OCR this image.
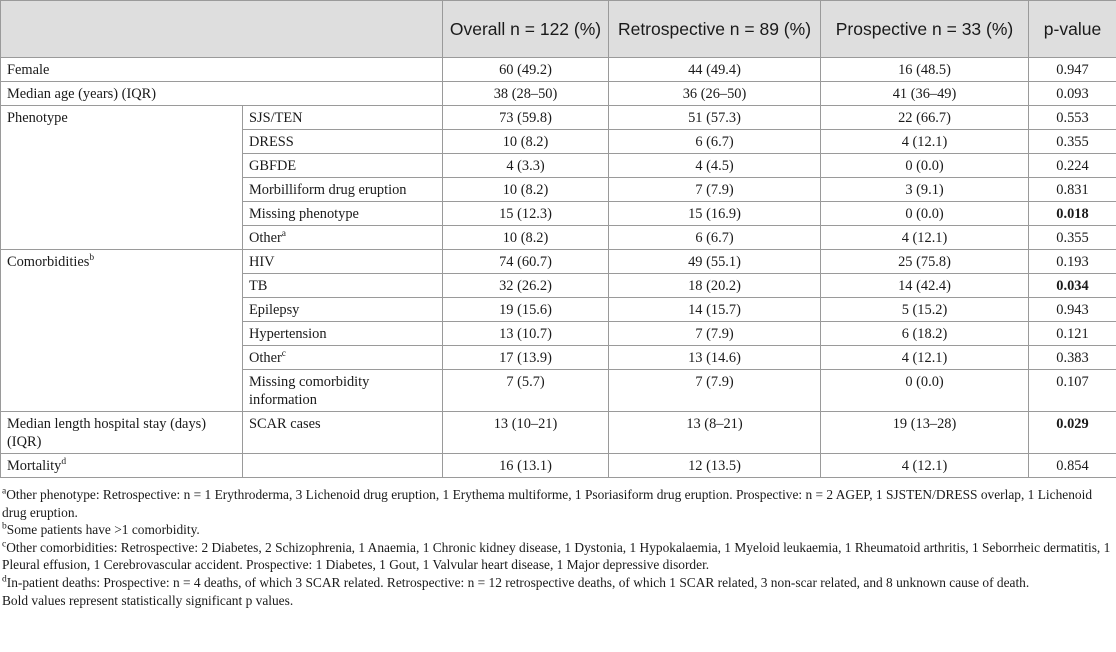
		Overall n = 122 (%)	Retrospective n = 89 (%)	Prospective n = 33 (%)	p-value
Female		60 (49.2)	44 (49.4)	16 (48.5)	0.947
Median age (years) (IQR)		38 (28–50)	36 (26–50)	41 (36–49)	0.093
Phenotype	SJS/TEN	73 (59.8)	51 (57.3)	22 (66.7)	0.553
	DRESS	10 (8.2)	6 (6.7)	4 (12.1)	0.355
	GBFDE	4 (3.3)	4 (4.5)	0 (0.0)	0.224
	Morbilliform drug eruption	10 (8.2)	7 (7.9)	3 (9.1)	0.831
	Missing phenotype	15 (12.3)	15 (16.9)	0 (0.0)	0.018
	Other$^a$	10 (8.2)	6 (6.7)	4 (12.1)	0.355
Comorbidities$^b$	HIV	74 (60.7)	49 (55.1)	25 (75.8)	0.193
	TB	32 (26.2)	18 (20.2)	14 (42.4)	0.034
	Epilepsy	19 (15.6)	14 (15.7)	5 (15.2)	0.943
	Hypertension	13 (10.7)	7 (7.9)	6 (18.2)	0.121
	Other$^c$	17 (13.9)	13 (14.6)	4 (12.1)	0.383
	Missing comorbidity information	7 (5.7)	7 (7.9)	0 (0.0)	0.107
Median length hospital stay (days) (IQR)	SCAR cases	13 (10–21)	13 (8–21)	19 (13–28)	0.029
Mortality$^d$		16 (13.1)	12 (13.5)	4 (12.1)	0.854

$^a$Other phenotype: Retrospective: n = 1 Erythroderma, 3 Lichenoid drug eruption, 1 Erythema multiforme, 1 Psoriasiform drug eruption. Prospective: n = 2 AGEP, 1 SJSTEN/DRESS overlap, 1 Lichenoid drug eruption.

$^b$Some patients have >1 comorbidity.

$^c$Other comorbidities: Retrospective: 2 Diabetes, 2 Schizophrenia, 1 Anaemia, 1 Chronic kidney disease, 1 Dystonia, 1 Hypokalaemia, 1 Myeloid leukaemia, 1 Rheumatoid arthritis, 1 Seborrheic dermatitis, 1 Pleural effusion, 1 Cerebrovascular accident. Prospective: 1 Diabetes, 1 Gout, 1 Valvular heart disease, 1 Major depressive disorder.

$^d$In-patient deaths: Prospective: n = 4 deaths, of which 3 SCAR related. Retrospective: n = 12 retrospective deaths, of which 1 SCAR related, 3 non-scar related, and 8 unknown cause of death.

Bold values represent statistically significant p values.
